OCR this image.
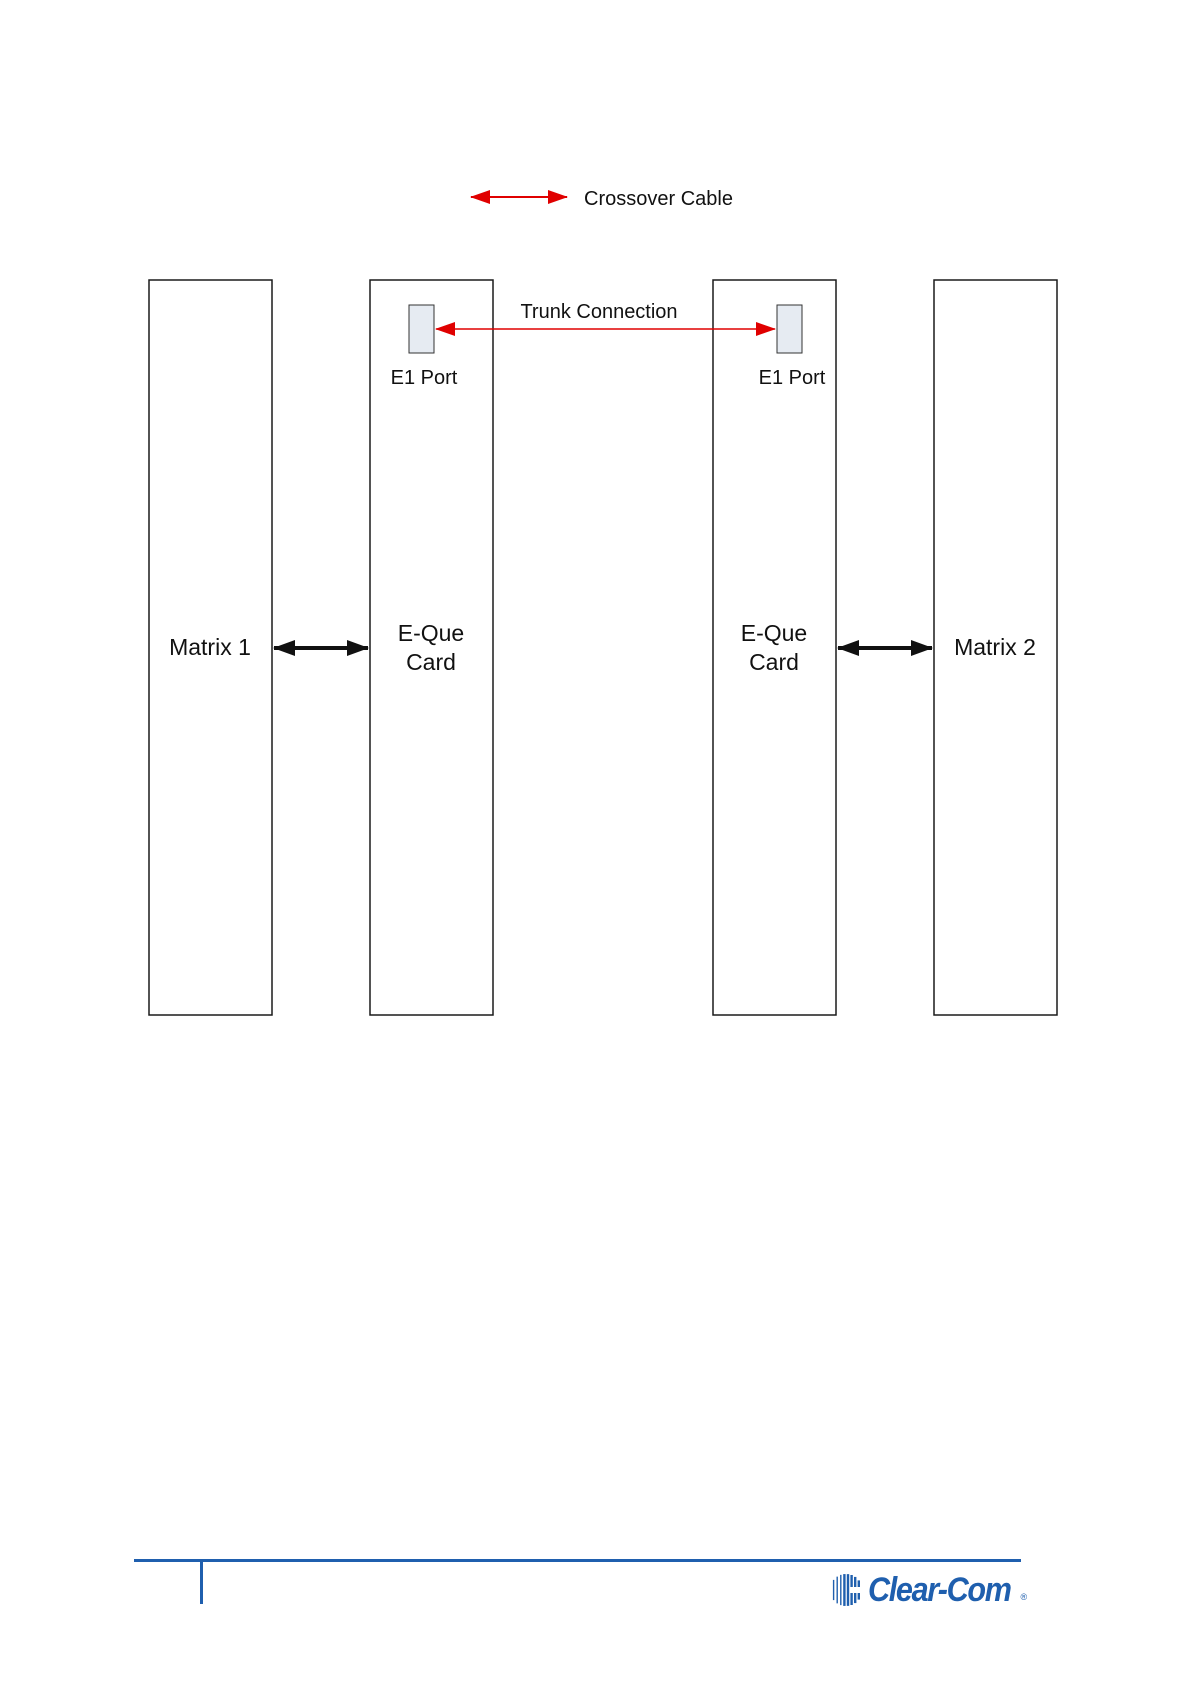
Crossover Cable
Matrix 1
E1 Port
E-Que
Card
E1 Port
E-Que
Card
Matrix 2
Trunk Connection
Clear-Com ®
